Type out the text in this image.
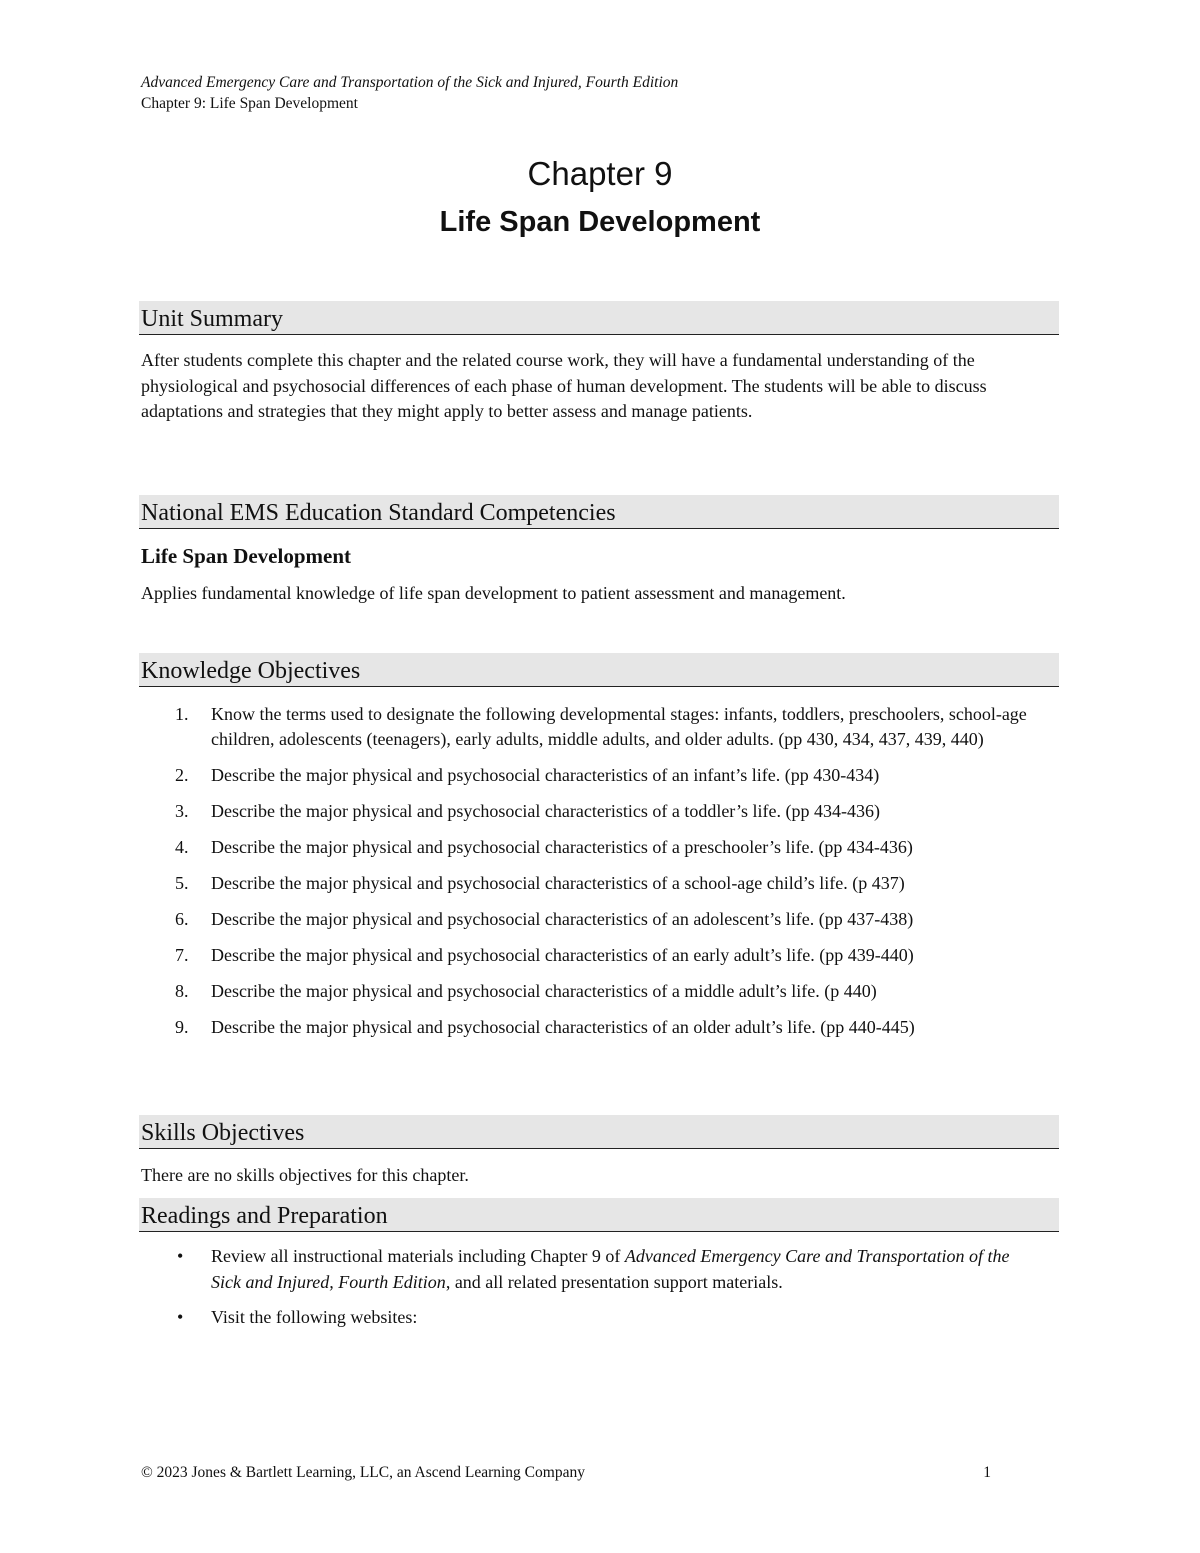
Advanced Emergency Care and Transportation of the Sick and Injured, Fourth Edition
Chapter 9: Life Span Development
Chapter 9
Life Span Development
Unit Summary
After students complete this chapter and the related course work, they will have a fundamental understanding of the physiological and psychosocial differences of each phase of human development. The students will be able to discuss adaptations and strategies that they might apply to better assess and manage patients.
National EMS Education Standard Competencies
Life Span Development
Applies fundamental knowledge of life span development to patient assessment and management.
Knowledge Objectives
1.	Know the terms used to designate the following developmental stages: infants, toddlers, preschoolers, school-age children, adolescents (teenagers), early adults, middle adults, and older adults. (pp 430, 434, 437, 439, 440)
2.	Describe the major physical and psychosocial characteristics of an infant’s life. (pp 430-434)
3.	Describe the major physical and psychosocial characteristics of a toddler’s life. (pp 434-436)
4.	Describe the major physical and psychosocial characteristics of a preschooler’s life. (pp 434-436)
5.	Describe the major physical and psychosocial characteristics of a school-age child’s life. (p 437)
6.	Describe the major physical and psychosocial characteristics of an adolescent’s life. (pp 437-438)
7.	Describe the major physical and psychosocial characteristics of an early adult’s life. (pp 439-440)
8.	Describe the major physical and psychosocial characteristics of a middle adult’s life. (p 440)
9.	Describe the major physical and psychosocial characteristics of an older adult’s life. (pp 440-445)
Skills Objectives
There are no skills objectives for this chapter.
Readings and Preparation
• Review all instructional materials including Chapter 9 of Advanced Emergency Care and Transportation of the Sick and Injured, Fourth Edition, and all related presentation support materials.
• Visit the following websites:
© 2023 Jones & Bartlett Learning, LLC, an Ascend Learning Company	1
